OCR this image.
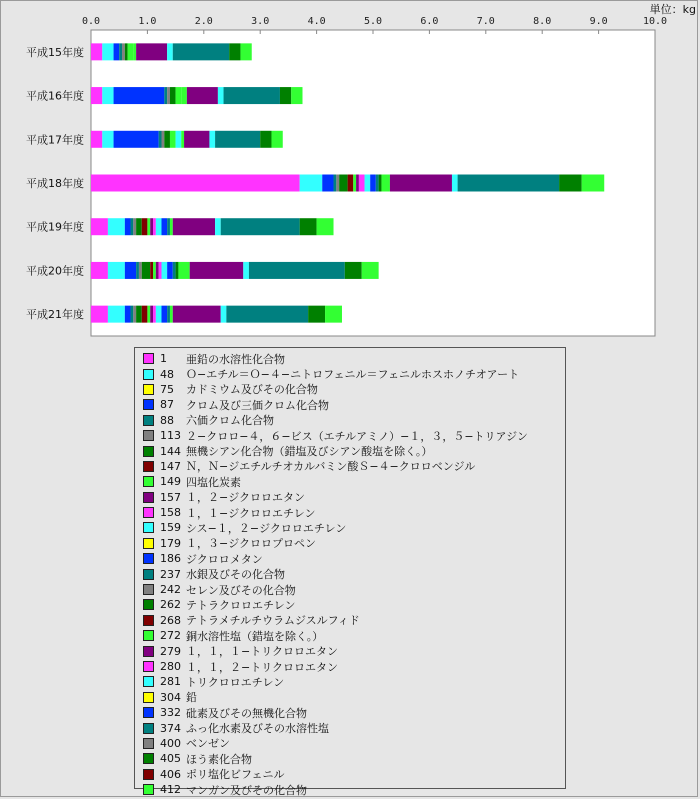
単位：kg
0.0	1.0	2.0	3.0	4.0	5.0	6.0	7.0	8.0	9.0	10.0
平成15年度
平成16年度
平成17年度
平成18年度
平成19年度
平成20年度
平成21年度
1	亜鉛の水溶性化合物
48	Ｏ−エチル＝Ｏ−４−ニトロフェニル＝フェニルホスホノチオアート
75	カドミウム及びその化合物
87	クロム及び三価クロム化合物
88	六価クロム化合物
113 ２−クロロ−４，６−ビス（エチルアミノ）−１，３，５−トリアジン
144 無機シアン化合物（錯塩及びシアン酸塩を除く。）
147 Ｎ，Ｎ−ジエチルチオカルバミン酸Ｓ−４−クロロベンジル
149 四塩化炭素
157 １，２−ジクロロエタン
158 １，１−ジクロロエチレン
159 シス−１，２−ジクロロエチレン
179 １，３−ジクロロプロペン
186 ジクロロメタン
237 水銀及びその化合物
242 セレン及びその化合物
262 テトラクロロエチレン
268 テトラメチルチウラムジスルフィド
272 銅水溶性塩（錯塩を除く。）
279 １，１，１−トリクロロエタン
280 １，１，２−トリクロロエタン
281 トリクロロエチレン
304 鉛
332 砒素及びその無機化合物
374 ふっ化水素及びその水溶性塩
400 ベンゼン
405 ほう素化合物
406 ポリ塩化ビフェニル
412 マンガン及びその化合物
